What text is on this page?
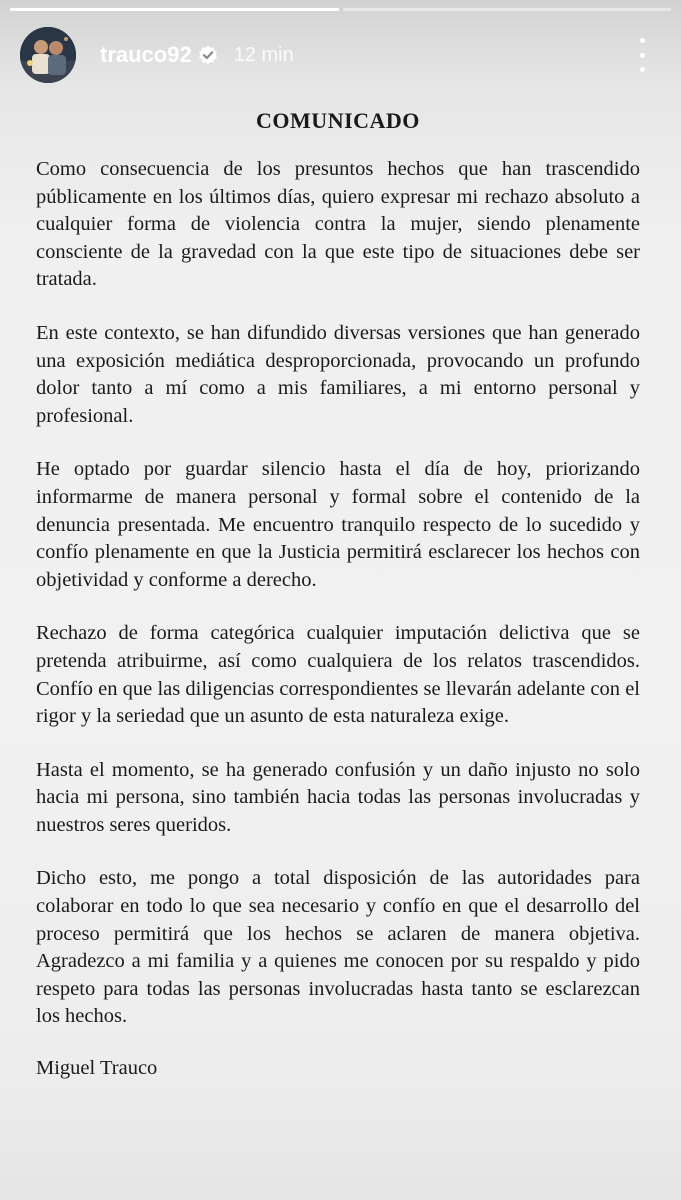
trauco92 12 min
COMUNICADO

Como consecuencia de los presuntos hechos que han trascendido públicamente en los últimos días, quiero expresar mi rechazo absoluto a cualquier forma de violencia contra la mujer, siendo plenamente consciente de la gravedad con la que este tipo de situaciones debe ser tratada.

En este contexto, se han difundido diversas versiones que han generado una exposición mediática desproporcionada, provocando un profundo dolor tanto a mí como a mis familiares, a mi entorno personal y profesional.

He optado por guardar silencio hasta el día de hoy, priorizando informarme de manera personal y formal sobre el contenido de la denuncia presentada. Me encuentro tranquilo respecto de lo sucedido y confío plenamente en que la Justicia permitirá esclarecer los hechos con objetividad y conforme a derecho.

Rechazo de forma categórica cualquier imputación delictiva que se pretenda atribuirme, así como cualquiera de los relatos trascendidos. Confío en que las diligencias correspondientes se llevarán adelante con el rigor y la seriedad que un asunto de esta naturaleza exige.

Hasta el momento, se ha generado confusión y un daño injusto no solo hacia mi persona, sino también hacia todas las personas involucradas y nuestros seres queridos.

Dicho esto, me pongo a total disposición de las autoridades para colaborar en todo lo que sea necesario y confío en que el desarrollo del proceso permitirá que los hechos se aclaren de manera objetiva. Agradezco a mi familia y a quienes me conocen por su respaldo y pido respeto para todas las personas involucradas hasta tanto se esclarezcan los hechos.

Miguel Trauco
